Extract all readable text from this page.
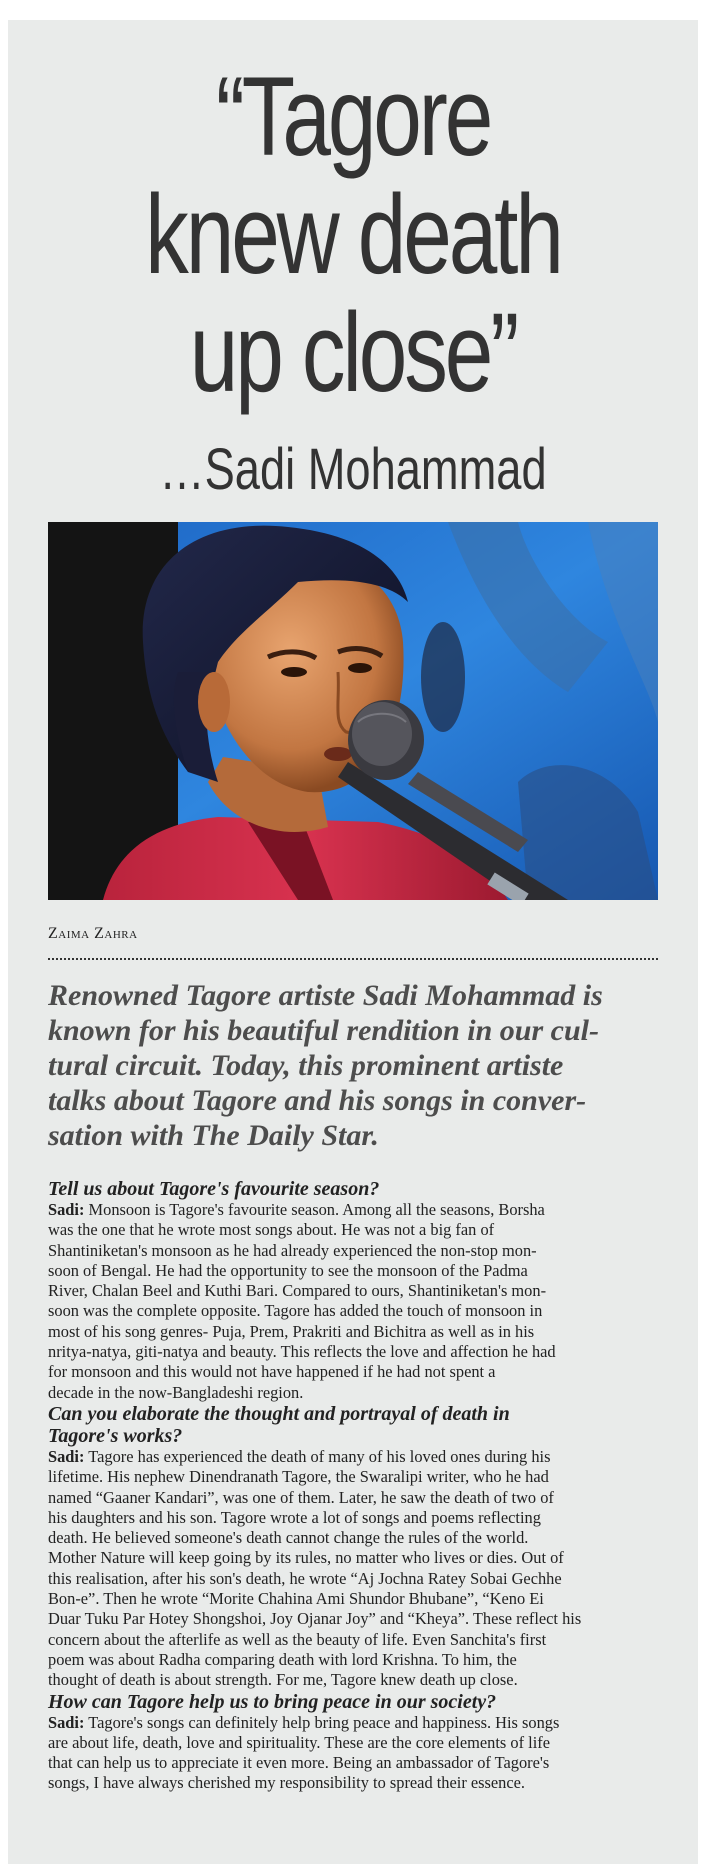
“Tagore
knew death
up close”
…Sadi Mohammad
Zaima Zahra
Renowned Tagore artiste Sadi Mohammad is
known for his beautiful rendition in our cul-
tural circuit. Today, this prominent artiste
talks about Tagore and his songs in conver-
sation with The Daily Star.
Tell us about Tagore's favourite season?
Sadi: Monsoon is Tagore's favourite season. Among all the seasons, Borsha
was the one that he wrote most songs about. He was not a big fan of
Shantiniketan's monsoon as he had already experienced the non-stop mon-
soon of Bengal. He had the opportunity to see the monsoon of the Padma
River, Chalan Beel and Kuthi Bari. Compared to ours, Shantiniketan's mon-
soon was the complete opposite. Tagore has added the touch of monsoon in
most of his song genres- Puja, Prem, Prakriti and Bichitra as well as in his
nritya-natya, giti-natya and beauty. This reflects the love and affection he had
for monsoon and this would not have happened if he had not spent a
decade in the now-Bangladeshi region.
Can you elaborate the thought and portrayal of death in
Tagore's works?
Sadi: Tagore has experienced the death of many of his loved ones during his
lifetime. His nephew Dinendranath Tagore, the Swaralipi writer, who he had
named “Gaaner Kandari”, was one of them. Later, he saw the death of two of
his daughters and his son. Tagore wrote a lot of songs and poems reflecting
death. He believed someone's death cannot change the rules of the world.
Mother Nature will keep going by its rules, no matter who lives or dies. Out of
this realisation, after his son's death, he wrote “Aj Jochna Ratey Sobai Gechhe
Bon-e”. Then he wrote “Morite Chahina Ami Shundor Bhubane”, “Keno Ei
Duar Tuku Par Hotey Shongshoi, Joy Ojanar Joy” and “Kheya”. These reflect his
concern about the afterlife as well as the beauty of life. Even Sanchita's first
poem was about Radha comparing death with lord Krishna. To him, the
thought of death is about strength. For me, Tagore knew death up close.
How can Tagore help us to bring peace in our society?
Sadi: Tagore's songs can definitely help bring peace and happiness. His songs
are about life, death, love and spirituality. These are the core elements of life
that can help us to appreciate it even more. Being an ambassador of Tagore's
songs, I have always cherished my responsibility to spread their essence.
